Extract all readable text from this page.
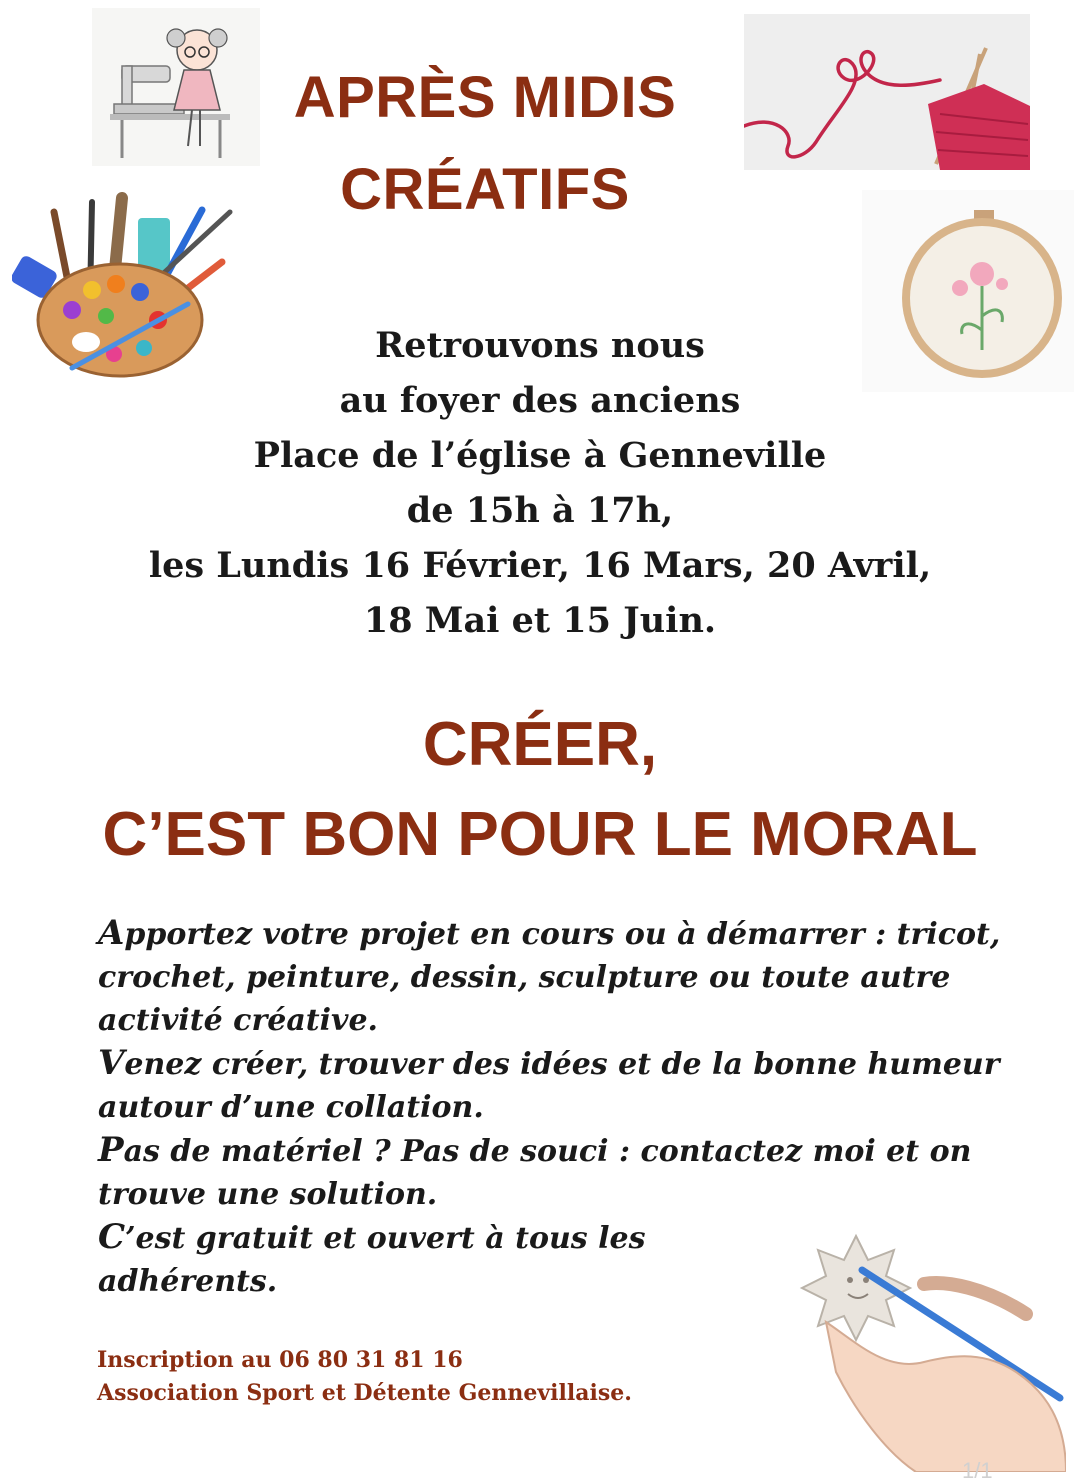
APRÈS MIDIS
CRÉATIFS
Retrouvons nous
au foyer des anciens
Place de l’église à Genneville
de 15h à 17h,
les Lundis 16 Février, 16 Mars, 20 Avril,
18 Mai et 15 Juin.
CRÉER,
C’EST BON POUR LE MORAL

Apportez votre projet en cours ou à démarrer : tricot, crochet, peinture, dessin, sculpture ou toute autre activité créative.

Venez créer, trouver des idées et de la bonne humeur autour d’une collation.

Pas de matériel ? Pas de souci : contactez moi et on trouve une solution.

C’est gratuit et ouvert à tous les
adhérents.

Inscription au 06 80 31 81 16
Association Sport et Détente Gennevillaise.
1/1
